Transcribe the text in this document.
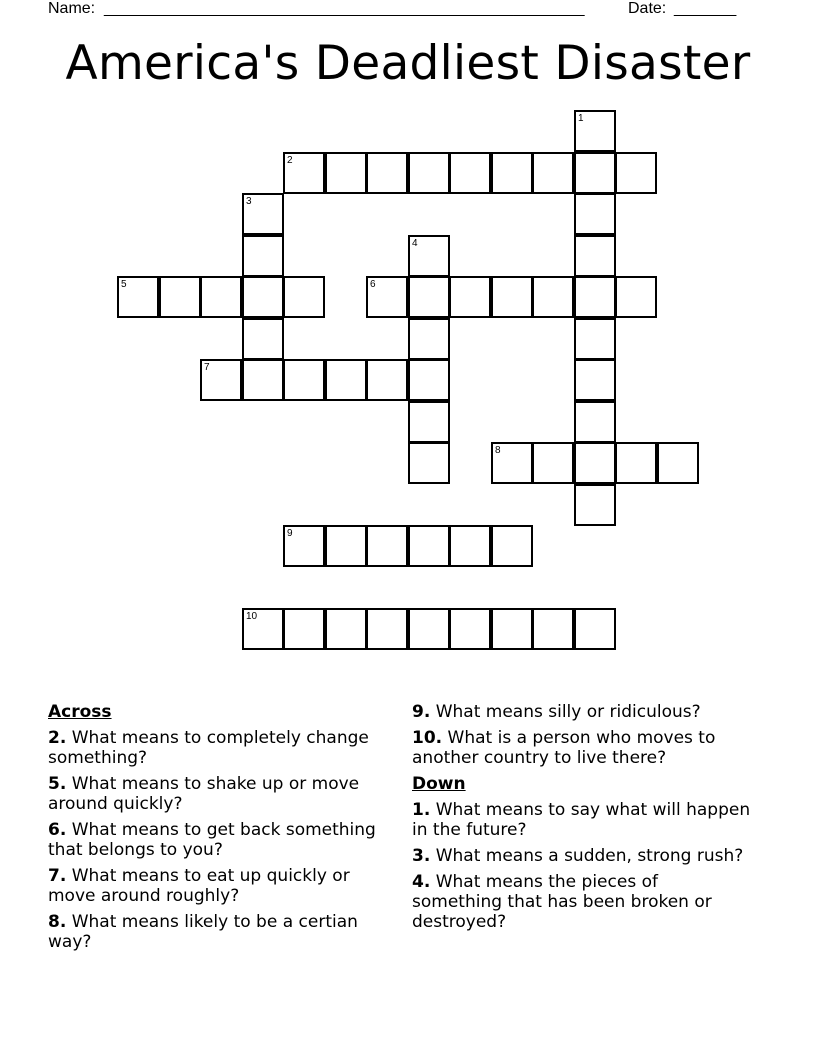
Name: ______________________________________________________	Date: _______
America's Deadliest Disaster
1
2
3
4
5	6
7
8
9
10
Across
2. What means to completely change something?
5. What means to shake up or move around quickly?
6. What means to get back something that belongs to you?
7. What means to eat up quickly or move around roughly?
8. What means likely to be a certian way?
9. What means silly or ridiculous?
10. What is a person who moves to another country to live there?
Down
1. What means to say what will happen in the future?
3. What means a sudden, strong rush?
4. What means the pieces of something that has been broken or destroyed?
